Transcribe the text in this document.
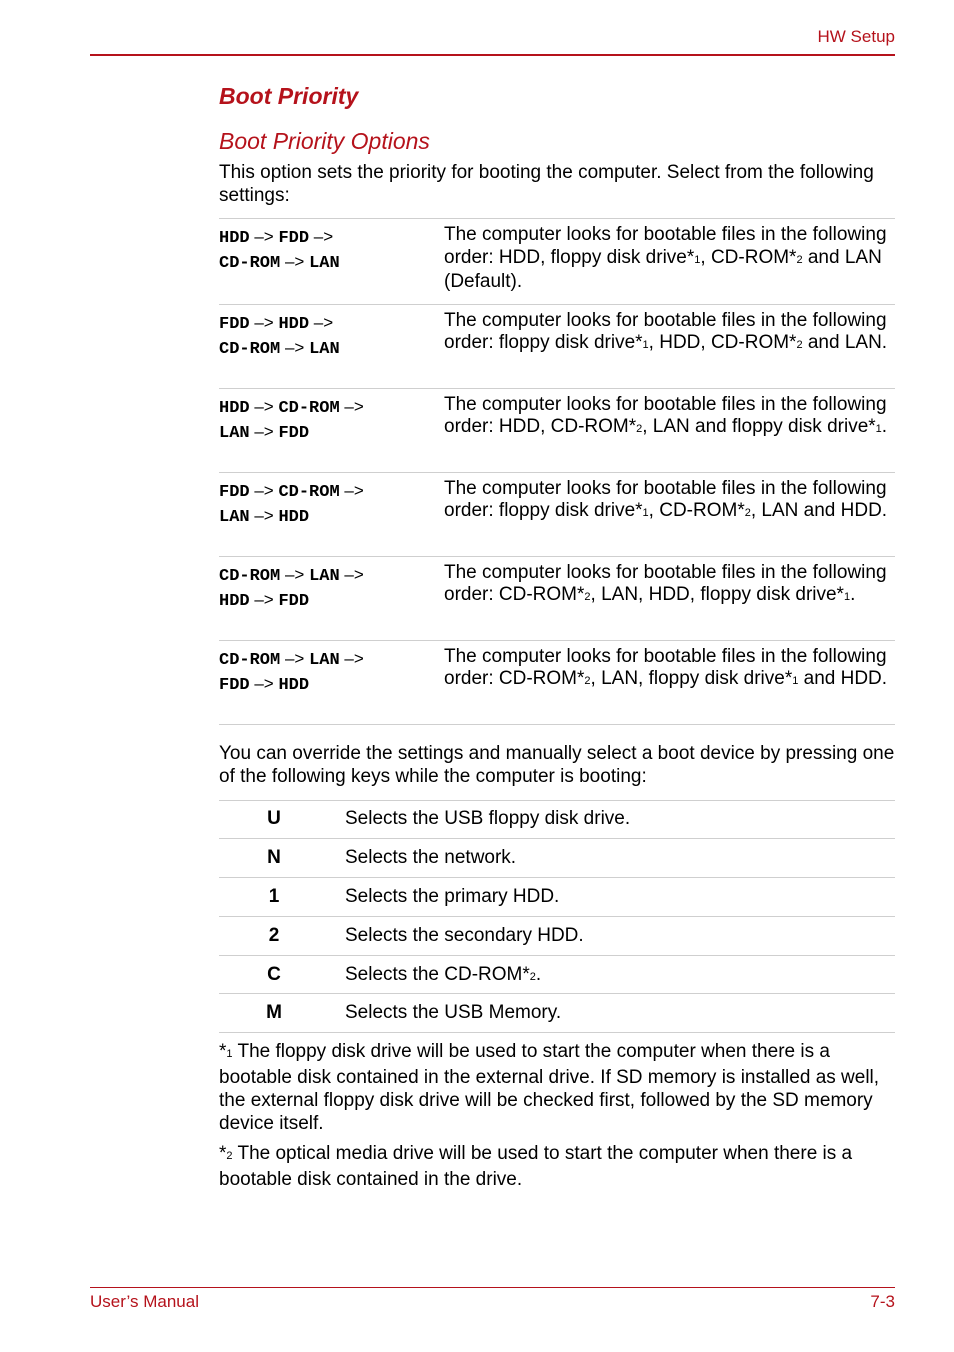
HW Setup
Boot Priority
Boot Priority Options

This option sets the priority for booting the computer. Select from the following settings:

HDD –> FDD –>
CD-ROM –> LAN
The computer looks for bootable files in the following order: HDD, floppy disk drive*1, CD-ROM*2 and LAN (Default).
FDD –> HDD –>
CD-ROM –> LAN
The computer looks for bootable files in the following order: floppy disk drive*1, HDD, CD-ROM*2 and LAN.
HDD –> CD-ROM –>
LAN –> FDD
The computer looks for bootable files in the following order: HDD, CD-ROM*2, LAN and floppy disk drive*1.
FDD –> CD-ROM –>
LAN –> HDD
The computer looks for bootable files in the following order: floppy disk drive*1, CD-ROM*2, LAN and HDD.
CD-ROM –> LAN –>
HDD –> FDD
The computer looks for bootable files in the following order: CD-ROM*2, LAN, HDD, floppy disk drive*1.
CD-ROM –> LAN –>
FDD –> HDD
The computer looks for bootable files in the following order: CD-ROM*2, LAN, floppy disk drive*1 and HDD.

You can override the settings and manually select a boot device by pressing one of the following keys while the computer is booting:

U	Selects the USB floppy disk drive.
N	Selects the network.
1	Selects the primary HDD.
2	Selects the secondary HDD.
C	Selects the CD-ROM*2.
M	Selects the USB Memory.

*1 The floppy disk drive will be used to start the computer when there is a bootable disk contained in the external drive. If SD memory is installed as well, the external floppy disk drive will be checked first, followed by the SD memory device itself.

*2 The optical media drive will be used to start the computer when there is a bootable disk contained in the drive.

User’s Manual	7-3
